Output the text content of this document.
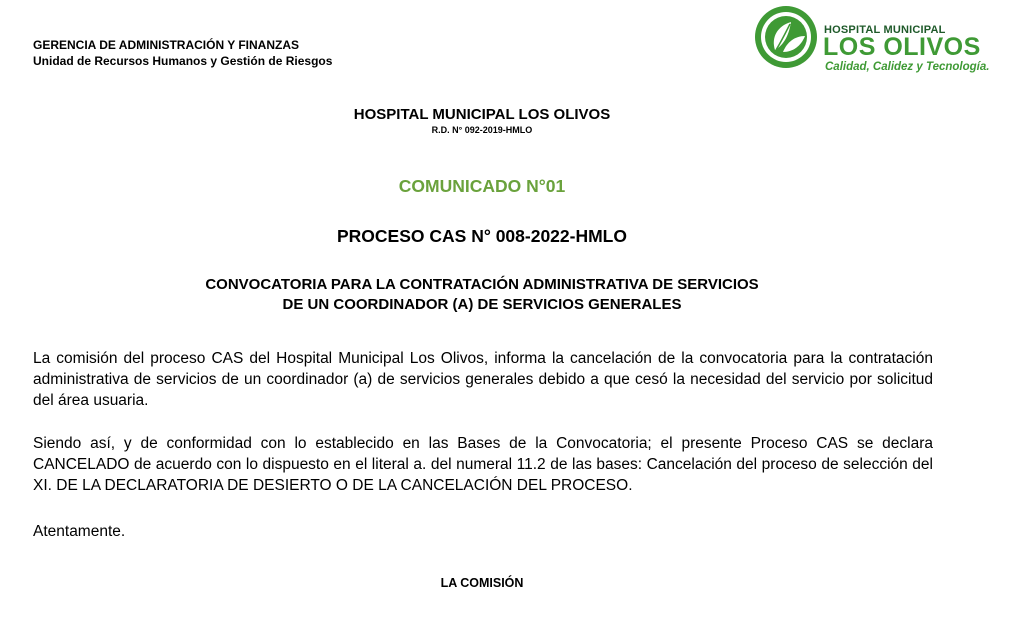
GERENCIA DE ADMINISTRACIÓN Y FINANZAS
Unidad de Recursos Humanos y Gestión de Riesgos
HOSPITAL MUNICIPAL
LOS OLIVOS
Calidad, Calidez y Tecnología.
HOSPITAL MUNICIPAL LOS OLIVOS
R.D. N° 092-2019-HMLO
COMUNICADO N°01
PROCESO CAS N° 008-2022-HMLO
CONVOCATORIA PARA LA CONTRATACIÓN ADMINISTRATIVA DE SERVICIOS
DE UN COORDINADOR (A) DE SERVICIOS GENERALES
La comisión del proceso CAS del Hospital Municipal Los Olivos, informa la cancelación de la convocatoria para la contratación administrativa de servicios de un coordinador (a) de servicios generales debido a que cesó la necesidad del servicio por solicitud del área usuaria.
Siendo así, y de conformidad con lo establecido en las Bases de la Convocatoria; el presente Proceso CAS se declara CANCELADO de acuerdo con lo dispuesto en el literal a. del numeral 11.2 de las bases: Cancelación del proceso de selección del XI. DE LA DECLARATORIA DE DESIERTO O DE LA CANCELACIÓN DEL PROCESO.
Atentamente.
LA COMISIÓN
